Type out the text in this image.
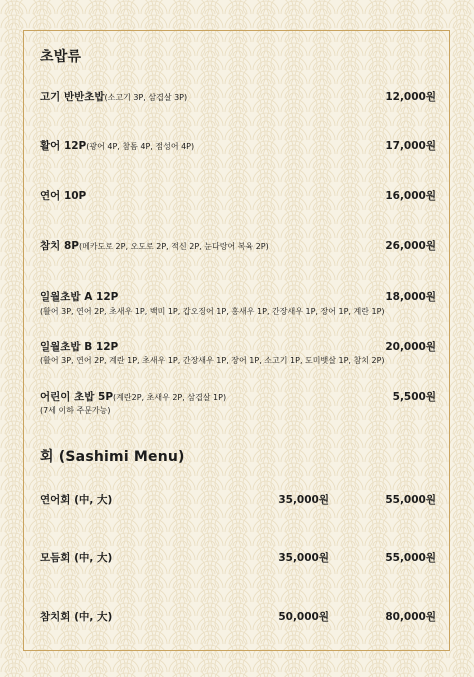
초밥류
고기 반반초밥(소고기 3P, 삼겹살 3P)	12,000원
활어 12P(광어 4P, 참돔 4P, 점성어 4P)	17,000원
연어 10P	16,000원
참치 8P(메카도로 2P, 오도로 2P, 적신 2P, 눈다랑어 복육 2P)	26,000원
일월초밥 A 12P	18,000원
(활어 3P, 연어 2P, 초새우 1P, 백미 1P, 갑오징어 1P, 홍새우 1P, 간장새우 1P, 장어 1P, 계란 1P)
일월초밥 B 12P	20,000원
(활어 3P, 연어 2P, 계란 1P, 초새우 1P, 간장새우 1P, 장어 1P, 소고기 1P, 도미뱃살 1P, 참치 2P)
어린이 초밥 5P(계란2P, 초새우 2P, 삼겹살 1P)	5,500원
(7세 이하 주문가능)
회 (Sashimi Menu)
연어회 (中, 大)	35,000원	55,000원
모듬회 (中, 大)	35,000원	55,000원
참치회 (中, 大)	50,000원	80,000원
